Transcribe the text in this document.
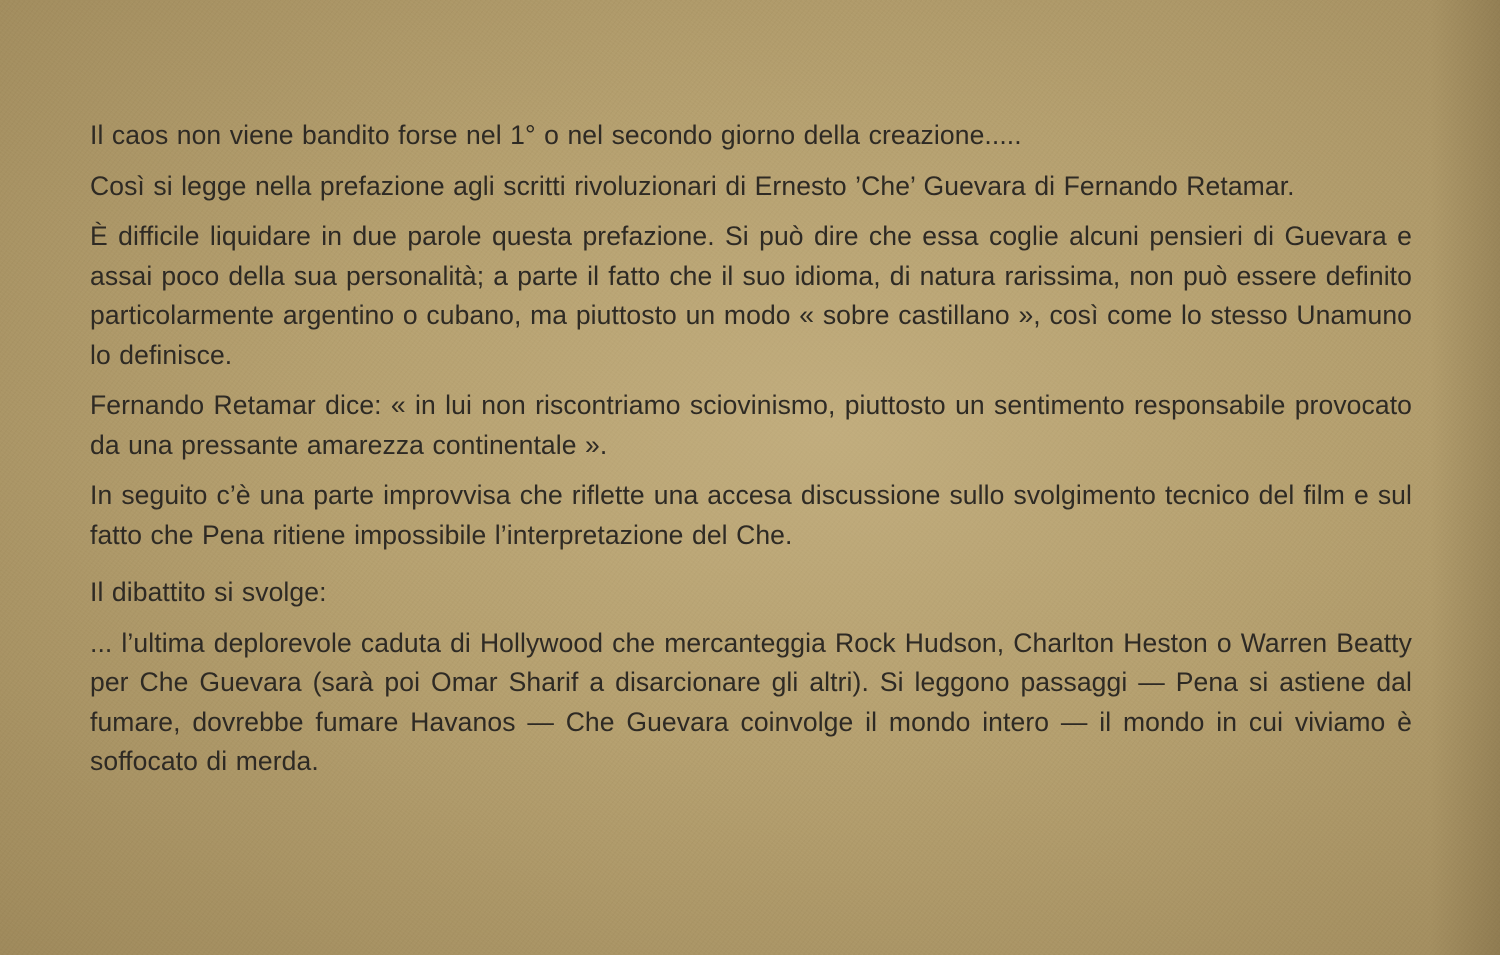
Il caos non viene bandito forse nel 1° o nel secondo giorno della creazione.....

Così si legge nella prefazione agli scritti rivoluzionari di Ernesto ’Che’ Guevara di Fernando Retamar.

È difficile liquidare in due parole questa prefazione. Si può dire che essa coglie alcuni pensieri di Guevara e assai poco della sua personalità; a parte il fatto che il suo idioma, di natura rarissima, non può essere definito particolarmente argentino o cubano, ma piuttosto un modo « sobre castillano », così come lo stesso Unamuno lo definisce.

Fernando Retamar dice: « in lui non riscontriamo sciovinismo, piuttosto un sentimento responsabile provocato da una pressante amarezza continentale ».

In seguito c’è una parte improvvisa che riflette una accesa discussione sullo svolgimento tecnico del film e sul fatto che Pena ritiene impossibile l’interpretazione del Che.

Il dibattito si svolge:

... l’ultima deplorevole caduta di Hollywood che mercanteggia Rock Hudson, Charlton Heston o Warren Beatty per Che Guevara (sarà poi Omar Sharif a disarcionare gli altri). Si leggono passaggi — Pena si astiene dal fumare, dovrebbe fumare Havanos — Che Guevara coinvolge il mondo intero — il mondo in cui viviamo è soffocato di merda.
